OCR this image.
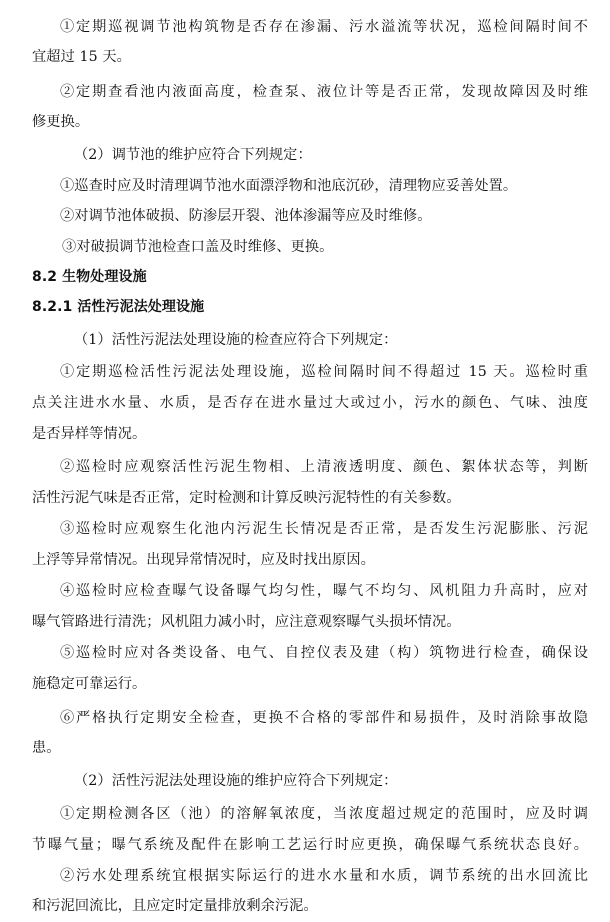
①定期巡视调节池构筑物是否存在渗漏、污水溢流等状况，巡检间隔时间不
宜超过 15 天。
②定期查看池内液面高度，检查泵、液位计等是否正常，发现故障因及时维
修更换。
（2）调节池的维护应符合下列规定：
①巡查时应及时清理调节池水面漂浮物和池底沉砂，清理物应妥善处置。
②对调节池体破损、防渗层开裂、池体渗漏等应及时维修。
③对破损调节池检查口盖及时维修、更换。
8.2 生物处理设施
8.2.1 活性污泥法处理设施
（1）活性污泥法处理设施的检查应符合下列规定：
①定期巡检活性污泥法处理设施，巡检间隔时间不得超过 15 天。巡检时重
点关注进水水量、水质，是否存在进水量过大或过小，污水的颜色、气味、浊度
是否异样等情况。
②巡检时应观察活性污泥生物相、上清液透明度、颜色、絮体状态等，判断
活性污泥气味是否正常，定时检测和计算反映污泥特性的有关参数。
③巡检时应观察生化池内污泥生长情况是否正常，是否发生污泥膨胀、污泥
上浮等异常情况。出现异常情况时，应及时找出原因。
④巡检时应检查曝气设备曝气均匀性，曝气不均匀、风机阻力升高时，应对
曝气管路进行清洗；风机阻力减小时，应注意观察曝气头损坏情况。
⑤巡检时应对各类设备、电气、自控仪表及建（构）筑物进行检查，确保设
施稳定可靠运行。
⑥严格执行定期安全检查，更换不合格的零部件和易损件，及时消除事故隐
患。
（2）活性污泥法处理设施的维护应符合下列规定：
①定期检测各区（池）的溶解氧浓度，当浓度超过规定的范围时，应及时调
节曝气量；曝气系统及配件在影响工艺运行时应更换，确保曝气系统状态良好。
②污水处理系统宜根据实际运行的进水水量和水质，调节系统的出水回流比
和污泥回流比，且应定时定量排放剩余污泥。
